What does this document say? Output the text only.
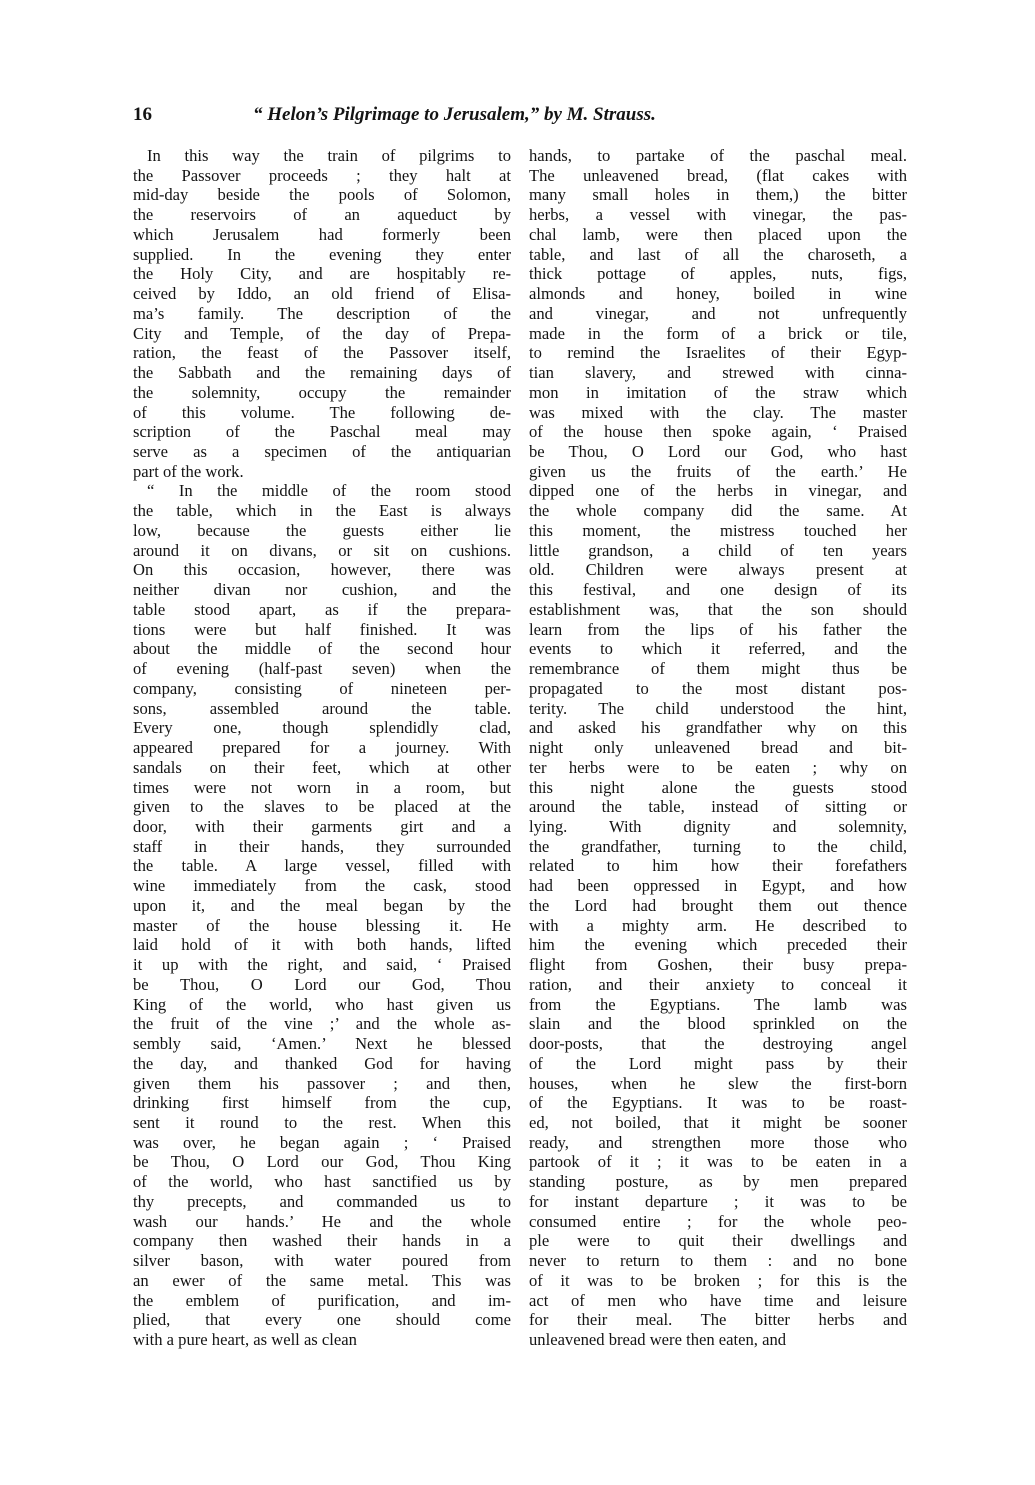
16	“ Helon’s Pilgrimage to Jerusalem,” by M. Strauss.
In this way the train of pilgrims to
the Passover proceeds ; they halt at
mid-day beside the pools of Solomon,
the reservoirs of an aqueduct by
which Jerusalem had formerly been
supplied. In the evening they enter
the Holy City, and are hospitably re-
ceived by Iddo, an old friend of Elisa-
ma’s family. The description of the
City and Temple, of the day of Prepa-
ration, the feast of the Passover itself,
the Sabbath and the remaining days of
the solemnity, occupy the remainder
of this volume. The following de-
scription of the Paschal meal may
serve as a specimen of the antiquarian
part of the work.
“ In the middle of the room stood
the table, which in the East is always
low, because the guests either lie
around it on divans, or sit on cushions.
On this occasion, however, there was
neither divan nor cushion, and the
table stood apart, as if the prepara-
tions were but half finished. It was
about the middle of the second hour
of evening (half-past seven) when the
company, consisting of nineteen per-
sons, assembled around the table.
Every one, though splendidly clad,
appeared prepared for a journey. With
sandals on their feet, which at other
times were not worn in a room, but
given to the slaves to be placed at the
door, with their garments girt and a
staff in their hands, they surrounded
the table. A large vessel, filled with
wine immediately from the cask, stood
upon it, and the meal began by the
master of the house blessing it. He
laid hold of it with both hands, lifted
it up with the right, and said, ‘ Praised
be Thou, O Lord our God, Thou
King of the world, who hast given us
the fruit of the vine ;’ and the whole as-
sembly said, ‘Amen.’ Next he blessed
the day, and thanked God for having
given them his passover ; and then,
drinking first himself from the cup,
sent it round to the rest. When this
was over, he began again ; ‘ Praised
be Thou, O Lord our God, Thou King
of the world, who hast sanctified us by
thy precepts, and commanded us to
wash our hands.’ He and the whole
company then washed their hands in a
silver bason, with water poured from
an ewer of the same metal. This was
the emblem of purification, and im-
plied, that every one should come
with a pure heart, as well as clean
hands, to partake of the paschal meal.
The unleavened bread, (flat cakes with
many small holes in them,) the bitter
herbs, a vessel with vinegar, the pas-
chal lamb, were then placed upon the
table, and last of all the charoseth, a
thick pottage of apples, nuts, figs,
almonds and honey, boiled in wine
and vinegar, and not unfrequently
made in the form of a brick or tile,
to remind the Israelites of their Egyp-
tian slavery, and strewed with cinna-
mon in imitation of the straw which
was mixed with the clay. The master
of the house then spoke again, ‘ Praised
be Thou, O Lord our God, who hast
given us the fruits of the earth.’ He
dipped one of the herbs in vinegar, and
the whole company did the same. At
this moment, the mistress touched her
little grandson, a child of ten years
old. Children were always present at
this festival, and one design of its
establishment was, that the son should
learn from the lips of his father the
events to which it referred, and the
remembrance of them might thus be
propagated to the most distant pos-
terity. The child understood the hint,
and asked his grandfather why on this
night only unleavened bread and bit-
ter herbs were to be eaten ; why on
this night alone the guests stood
around the table, instead of sitting or
lying. With dignity and solemnity,
the grandfather, turning to the child,
related to him how their forefathers
had been oppressed in Egypt, and how
the Lord had brought them out thence
with a mighty arm. He described to
him the evening which preceded their
flight from Goshen, their busy prepa-
ration, and their anxiety to conceal it
from the Egyptians. The lamb was
slain and the blood sprinkled on the
door-posts, that the destroying angel
of the Lord might pass by their
houses, when he slew the first-born
of the Egyptians. It was to be roast-
ed, not boiled, that it might be sooner
ready, and strengthen more those who
partook of it ; it was to be eaten in a
standing posture, as by men prepared
for instant departure ; it was to be
consumed entire ; for the whole peo-
ple were to quit their dwellings and
never to return to them : and no bone
of it was to be broken ; for this is the
act of men who have time and leisure
for their meal. The bitter herbs and
unleavened bread were then eaten, and
